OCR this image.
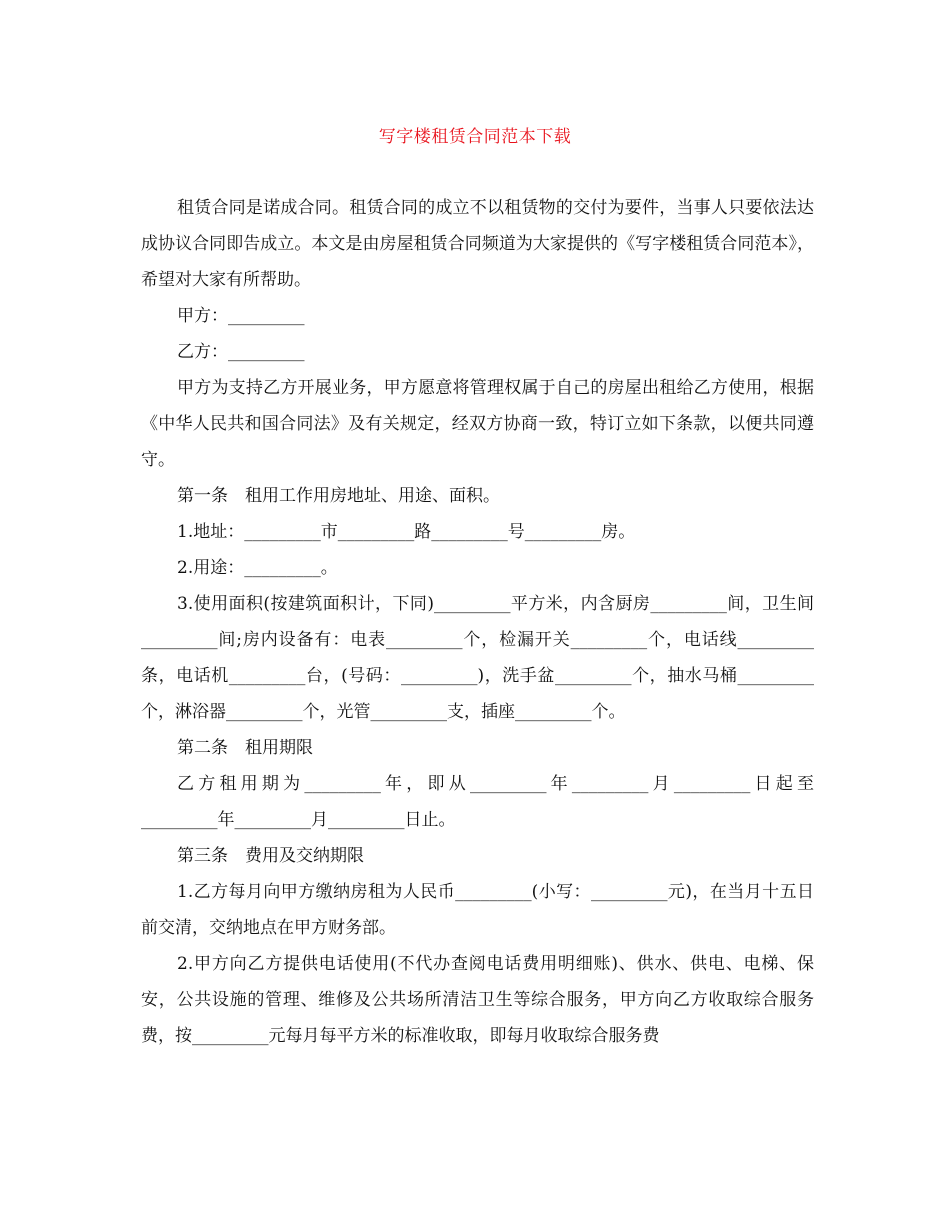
写字楼租赁合同范本下载

租赁合同是诺成合同。租赁合同的成立不以租赁物的交付为要件，当事人只要依法达成协议合同即告成立。本文是由房屋租赁合同频道为大家提供的《写字楼租赁合同范本》，希望对大家有所帮助。

甲方：_________

乙方：_________

甲方为支持乙方开展业务，甲方愿意将管理权属于自己的房屋出租给乙方使用，根据《中华人民共和国合同法》及有关规定，经双方协商一致，特订立如下条款，以便共同遵守。

第一条　租用工作用房地址、用途、面积。

1.地址：_________市_________路_________号_________房。

2.用途：_________。

3.使用面积(按建筑面积计，下同)_________平方米，内含厨房_________间，卫生间_________间;房内设备有：电表_________个，检漏开关_________个，电话线_________条，电话机_________台，(号码：_________)，洗手盆_________个，抽水马桶_________个，淋浴器_________个，光管_________支，插座_________个。

第二条　租用期限

乙方租用期为_________年，即从_________年_________月_________日起至_________年_________月_________日止。

第三条　费用及交纳期限

1.乙方每月向甲方缴纳房租为人民币_________(小写：_________元)，在当月十五日前交清，交纳地点在甲方财务部。

2.甲方向乙方提供电话使用(不代办查阅电话费用明细账)、供水、供电、电梯、保安，公共设施的管理、维修及公共场所清洁卫生等综合服务，甲方向乙方收取综合服务费，按_________元每月每平方米的标准收取，即每月收取综合服务费
